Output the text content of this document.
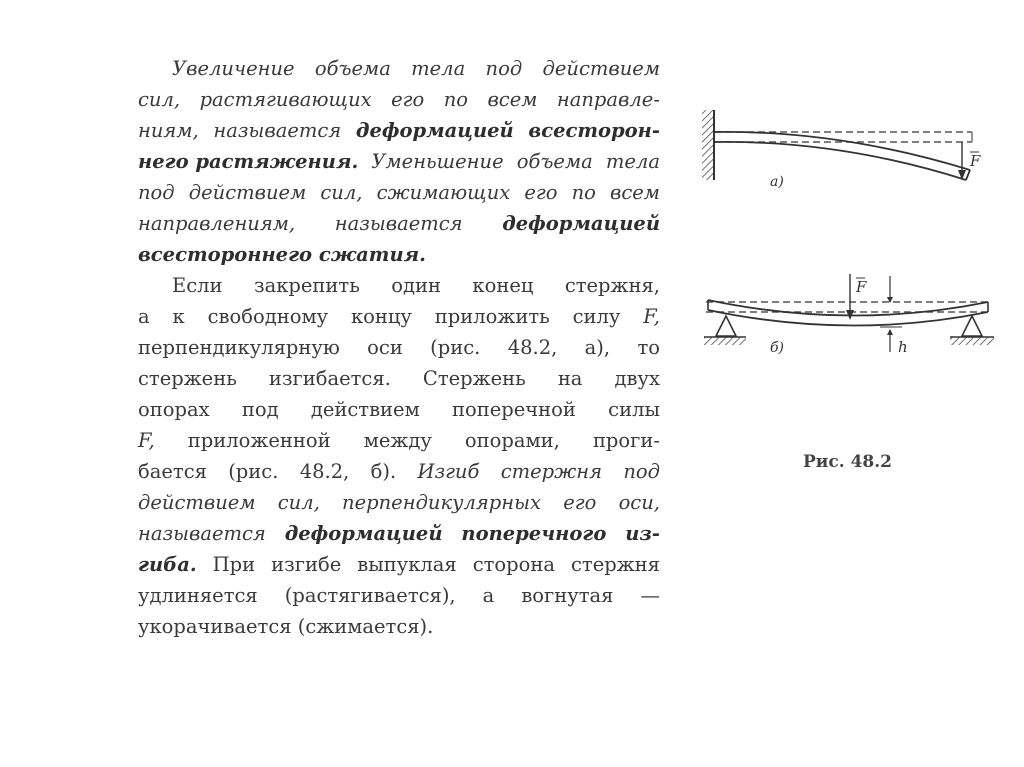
Увеличение объема тела под действием
сил, растягивающих его по всем направле-
ниям, называется деформацией всесторон-
него растяжения. Уменьшение объема тела
под действием сил, сжимающих его по всем
направлениям, называется деформацией
всестороннего сжатия.
Если закрепить один конец стержня,
а к свободному концу приложить силу F,
перпендикулярную оси (рис. 48.2, а), то
стержень изгибается. Стержень на двух
опорах под действием поперечной силы
F, приложенной между опорами, проги-
бается (рис. 48.2, б). Изгиб стержня под
действием сил, перпендикулярных его оси,
называется деформацией поперечного из-
гиба. При изгибе выпуклая сторона стержня
удлиняется (растягивается), а вогнутая —
укорачивается (сжимается).
F
а)
F
h
б)
Рис. 48.2
